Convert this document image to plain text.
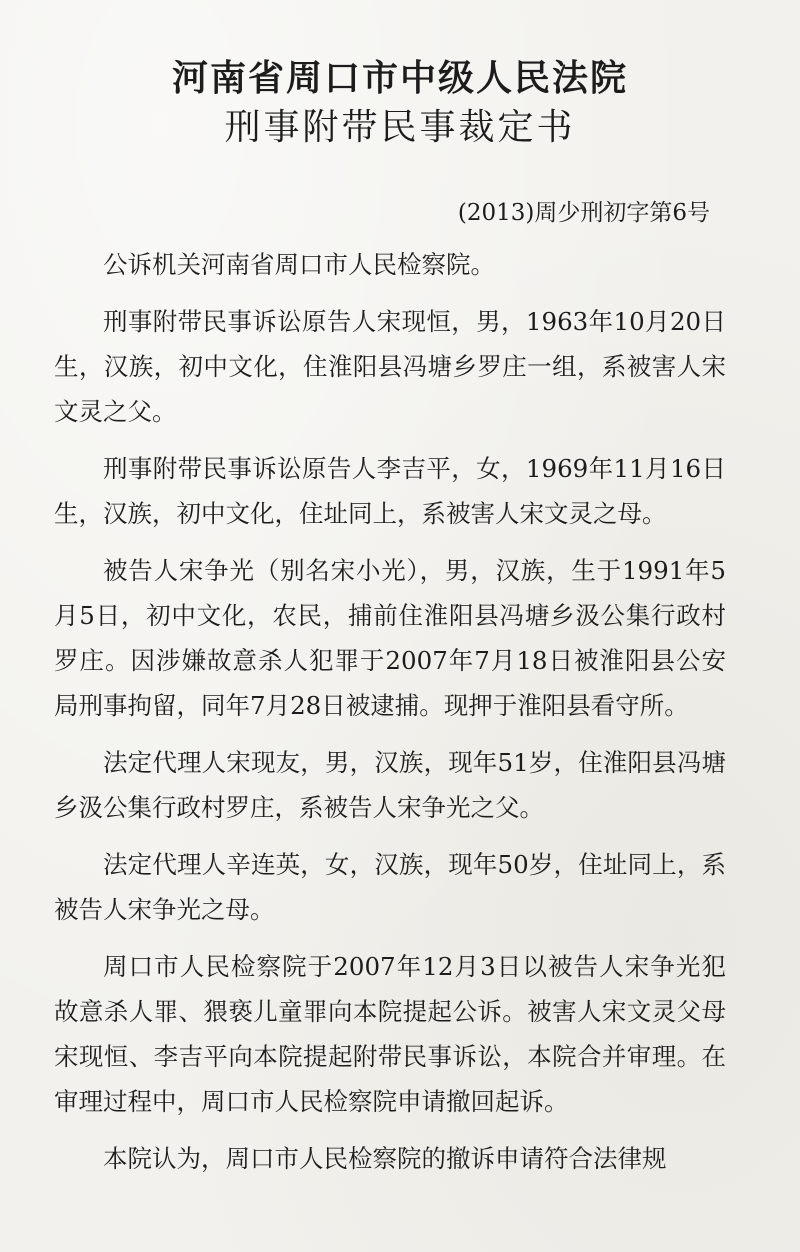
河南省周口市中级人民法院
刑事附带民事裁定书
(2013)周少刑初字第6号

公诉机关河南省周口市人民检察院。

刑事附带民事诉讼原告人宋现恒，男，1963年10月20日生，汉族，初中文化，住淮阳县冯塘乡罗庄一组，系被害人宋文灵之父。

刑事附带民事诉讼原告人李吉平，女，1969年11月16日生，汉族，初中文化，住址同上，系被害人宋文灵之母。

被告人宋争光（别名宋小光），男，汉族，生于1991年5月5日，初中文化，农民，捕前住淮阳县冯塘乡汲公集行政村罗庄。因涉嫌故意杀人犯罪于2007年7月18日被淮阳县公安局刑事拘留，同年7月28日被逮捕。现押于淮阳县看守所。

法定代理人宋现友，男，汉族，现年51岁，住淮阳县冯塘乡汲公集行政村罗庄，系被告人宋争光之父。

法定代理人辛连英，女，汉族，现年50岁，住址同上，系被告人宋争光之母。

周口市人民检察院于2007年12月3日以被告人宋争光犯故意杀人罪、猥亵儿童罪向本院提起公诉。被害人宋文灵父母宋现恒、李吉平向本院提起附带民事诉讼，本院合并审理。在审理过程中，周口市人民检察院申请撤回起诉。

本院认为，周口市人民检察院的撤诉申请符合法律规
